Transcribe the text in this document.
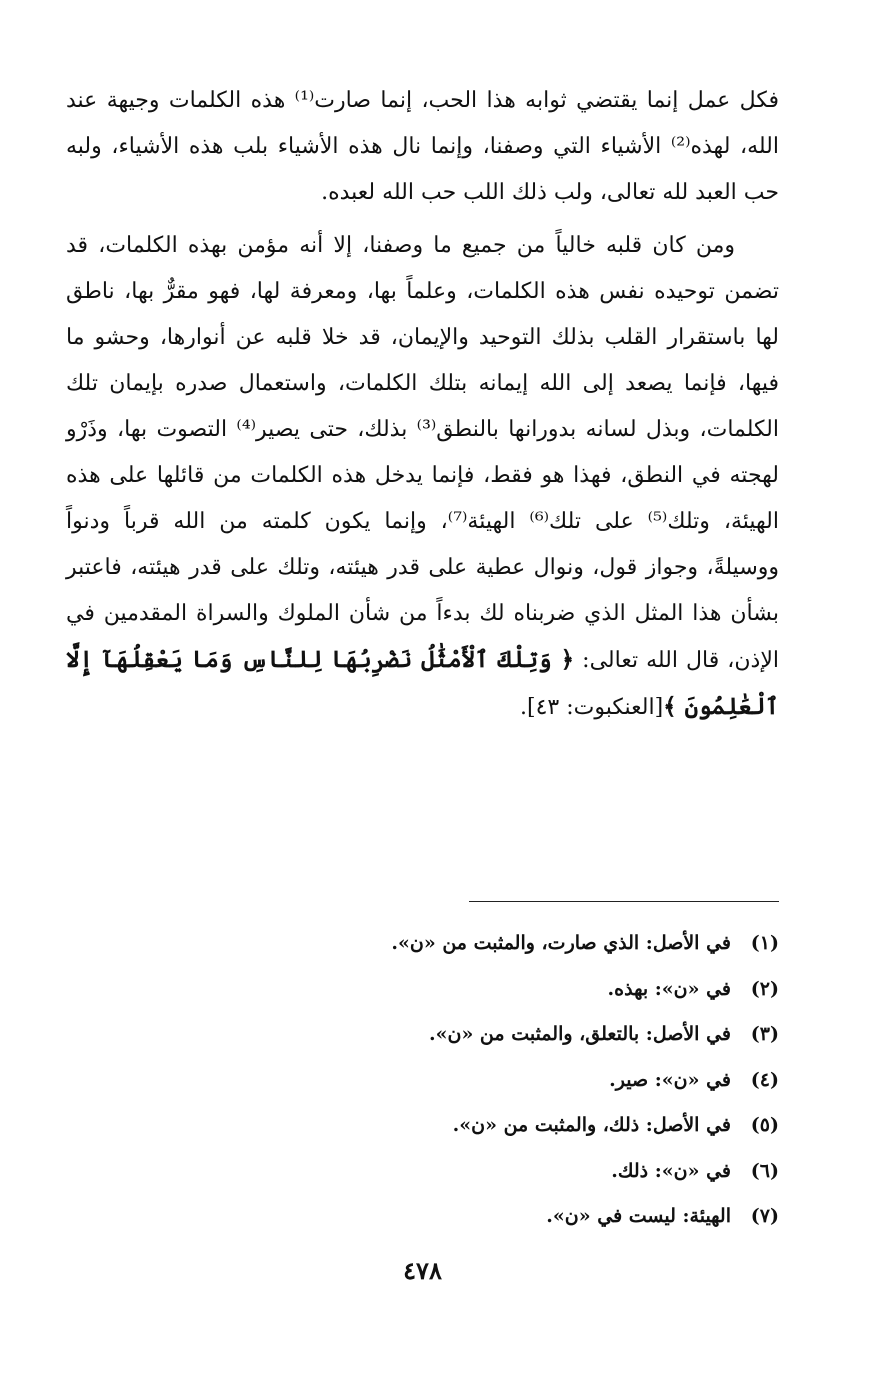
فكل عمل إنما يقتضي ثوابه هذا الحب، إنما صارت⁽¹⁾ هذه الكلمات وجيهة عند الله، لهذه⁽²⁾ الأشياء التي وصفنا، وإنما نال هذه الأشياء بلب هذه الأشياء، ولبه حب العبد لله تعالى، ولب ذلك اللب حب الله لعبده.

ومن كان قلبه خالياً من جميع ما وصفنا، إلا أنه مؤمن بهذه الكلمات، قد تضمن توحيده نفس هذه الكلمات، وعلماً بها، ومعرفة لها، فهو مقرٌّ بها، ناطق لها باستقرار القلب بذلك التوحيد والإيمان، قد خلا قلبه عن أنوارها، وحشو ما فيها، فإنما يصعد إلى الله إيمانه بتلك الكلمات، واستعمال صدره بإيمان تلك الكلمات، وبذل لسانه بدورانها بالنطق⁽³⁾ بذلك، حتى يصير⁽⁴⁾ التصوت بها، وذَرْو لهجته في النطق، فهذا هو فقط، فإنما يدخل هذه الكلمات من قائلها على هذه الهيئة، وتلك⁽⁵⁾ على تلك⁽⁶⁾ الهيئة⁽⁷⁾، وإنما يكون كلمته من الله قرباً ودنواً ووسيلةً، وجواز قول، ونوال عطية على قدر هيئته، وتلك على قدر هيئته، فاعتبر بشأن هذا المثل الذي ضربناه لك بدءاً من شأن الملوك والسراة المقدمين في الإذن، قال الله تعالى: ﴿ وَتِلْكَ ٱلْأَمْثَٰلُ نَضْرِبُهَا لِلنَّاسِ وَمَا يَعْقِلُهَآ إِلَّا ٱلْعَٰلِمُونَ ﴾[العنكبوت: ٤٣].

(١)
في الأصل: الذي صارت، والمثبت من «ن».
(٢)
في «ن»: بهذه.
(٣)
في الأصل: بالتعلق، والمثبت من «ن».
(٤)
في «ن»: صير.
(٥)
في الأصل: ذلك، والمثبت من «ن».
(٦)
في «ن»: ذلك.
(٧)
الهيئة: ليست في «ن».
٤٧٨
